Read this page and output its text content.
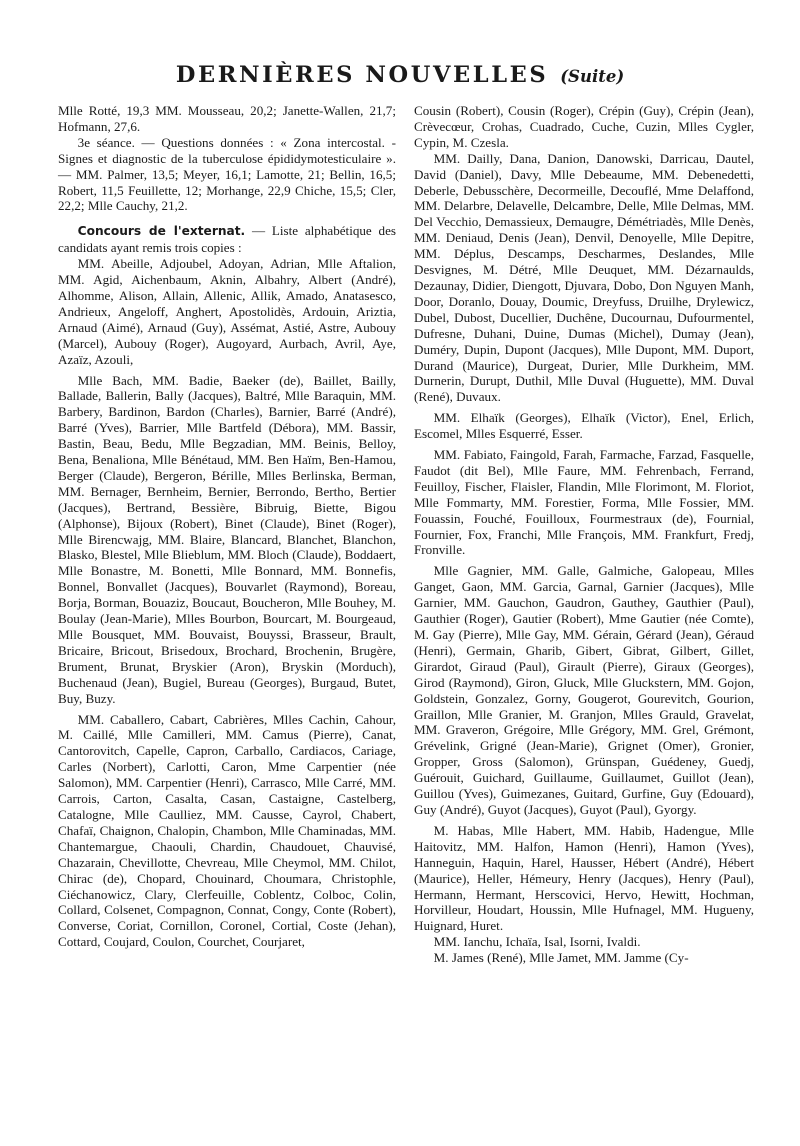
DERNIÈRES NOUVELLES (Suite)

Mlle Rotté, 19,3 MM. Mousseau, 20,2; Janette-Wallen, 21,7; Hofmann, 27,6.

3e séance. — Questions données : « Zona intercostal. - Signes et diagnostic de la tuberculose épididymotesticulaire ». — MM. Palmer, 13,5; Meyer, 16,1; Lamotte, 21; Bellin, 16,5; Robert, 11,5 Feuillette, 12; Morhange, 22,9 Chiche, 15,5; Cler, 22,2; Mlle Cauchy, 21,2.

Concours de l'externat. — Liste alphabétique des candidats ayant remis trois copies :

MM. Abeille, Adjoubel, Adoyan, Adrian, Mlle Aftalion, MM. Agid, Aichenbaum, Aknin, Albahry, Albert (André), Alhomme, Alison, Allain, Allenic, Allik, Amado, Anatasesco, Andrieux, Angeloff, Anghert, Apostolidès, Ardouin, Ariztia, Arnaud (Aimé), Arnaud (Guy), Assémat, Astié, Astre, Aubouy (Marcel), Aubouy (Roger), Augoyard, Aurbach, Avril, Aye, Azaïz, Azouli,

Mlle Bach, MM. Badie, Baeker (de), Baillet, Bailly, Ballade, Ballerin, Bally (Jacques), Baltré, Mlle Baraquin, MM. Barbery, Bardinon, Bardon (Charles), Barnier, Barré (André), Barré (Yves), Barrier, Mlle Bartfeld (Débora), MM. Bassir, Bastin, Beau, Bedu, Mlle Begzadian, MM. Beinis, Belloy, Bena, Benaliona, Mlle Bénétaud, MM. Ben Haïm, Ben-Hamou, Berger (Claude), Bergeron, Bérille, Mlles Berlinska, Berman, MM. Bernager, Bernheim, Bernier, Berrondo, Bertho, Bertier (Jacques), Bertrand, Bessière, Bibruig, Biette, Bigou (Alphonse), Bijoux (Robert), Binet (Claude), Binet (Roger), Mlle Birencwajg, MM. Blaire, Blancard, Blanchet, Blanchon, Blasko, Blestel, Mlle Blieblum, MM. Bloch (Claude), Boddaert, Mlle Bonastre, M. Bonetti, Mlle Bonnard, MM. Bonnefis, Bonnel, Bonvallet (Jacques), Bouvarlet (Raymond), Boreau, Borja, Borman, Bouaziz, Boucaut, Boucheron, Mlle Bouhey, M. Boulay (Jean-Marie), Mlles Bourbon, Bourcart, M. Bourgeaud, Mlle Bousquet, MM. Bouvaist, Bouyssi, Brasseur, Brault, Bricaire, Bricout, Brisedoux, Brochard, Brochenin, Brugère, Brument, Brunat, Bryskier (Aron), Bryskin (Morduch), Buchenaud (Jean), Bugiel, Bureau (Georges), Burgaud, Butet, Buy, Buzy.

MM. Caballero, Cabart, Cabrières, Mlles Cachin, Cahour, M. Caillé, Mlle Camilleri, MM. Camus (Pierre), Canat, Cantorovitch, Capelle, Capron, Carballo, Cardiacos, Cariage, Carles (Norbert), Carlotti, Caron, Mme Carpentier (née Salomon), MM. Carpentier (Henri), Carrasco, Mlle Carré, MM. Carrois, Carton, Casalta, Casan, Castaigne, Castelberg, Catalogne, Mlle Caulliez, MM. Causse, Cayrol, Chabert, Chafaï, Chaignon, Chalopin, Chambon, Mlle Chaminadas, MM. Chantemargue, Chaouli, Chardin, Chaudouet, Chauvisé, Chazarain, Chevillotte, Chevreau, Mlle Cheymol, MM. Chilot, Chirac (de), Chopard, Chouinard, Choumara, Christophle, Ciéchanowicz, Clary, Clerfeuille, Coblentz, Colboc, Colin, Collard, Colsenet, Compagnon, Connat, Congy, Conte (Robert), Converse, Coriat, Cornillon, Coronel, Cortial, Coste (Jehan), Cottard, Coujard, Coulon, Courchet, Courjaret,

Cousin (Robert), Cousin (Roger), Crépin (Guy), Crépin (Jean), Crèvecœur, Crohas, Cuadrado, Cuche, Cuzin, Mlles Cygler, Cypin, M. Czesla.

MM. Dailly, Dana, Danion, Danowski, Darricau, Dautel, David (Daniel), Davy, Mlle Debeaume, MM. Debenedetti, Deberle, Debusschère, Decormeille, Decouflé, Mme Delaffond, MM. Delarbre, Delavelle, Delcambre, Delle, Mlle Delmas, MM. Del Vecchio, Demassieux, Demaugre, Démétriadès, Mlle Denès, MM. Deniaud, Denis (Jean), Denvil, Denoyelle, Mlle Depitre, MM. Déplus, Descamps, Descharmes, Deslandes, Mlle Desvignes, M. Détré, Mlle Deuquet, MM. Dézarnaulds, Dezaunay, Didier, Diengott, Djuvara, Dobo, Don Nguyen Manh, Door, Doranlo, Douay, Doumic, Dreyfuss, Druilhe, Drylewicz, Dubel, Dubost, Ducellier, Duchêne, Ducournau, Dufourmentel, Dufresne, Duhani, Duine, Dumas (Michel), Dumay (Jean), Duméry, Dupin, Dupont (Jacques), Mlle Dupont, MM. Duport, Durand (Maurice), Durgeat, Durier, Mlle Durkheim, MM. Durnerin, Durupt, Duthil, Mlle Duval (Huguette), MM. Duval (René), Duvaux.

MM. Elhaïk (Georges), Elhaïk (Victor), Enel, Erlich, Escomel, Mlles Esquerré, Esser.

MM. Fabiato, Faingold, Farah, Farmache, Farzad, Fasquelle, Faudot (dit Bel), Mlle Faure, MM. Fehrenbach, Ferrand, Feuilloy, Fischer, Flaisler, Flandin, Mlle Florimont, M. Floriot, Mlle Fommarty, MM. Forestier, Forma, Mlle Fossier, MM. Fouassin, Fouché, Fouilloux, Fourmestraux (de), Fournial, Fournier, Fox, Franchi, Mlle François, MM. Frankfurt, Fredj, Fronville.

Mlle Gagnier, MM. Galle, Galmiche, Galopeau, Mlles Ganget, Gaon, MM. Garcia, Garnal, Garnier (Jacques), Mlle Garnier, MM. Gauchon, Gaudron, Gauthey, Gauthier (Paul), Gauthier (Roger), Gautier (Robert), Mme Gautier (née Comte), M. Gay (Pierre), Mlle Gay, MM. Gérain, Gérard (Jean), Géraud (Henri), Germain, Gharib, Gibert, Gibrat, Gilbert, Gillet, Girardot, Giraud (Paul), Girault (Pierre), Giraux (Georges), Girod (Raymond), Giron, Gluck, Mlle Gluckstern, MM. Gojon, Goldstein, Gonzalez, Gorny, Gougerot, Gourevitch, Gourion, Graillon, Mlle Granier, M. Granjon, Mlles Grauld, Gravelat, MM. Graveron, Grégoire, Mlle Grégory, MM. Grel, Grémont, Grévelink, Grigné (Jean-Marie), Grignet (Omer), Gronier, Gropper, Gross (Salomon), Grünspan, Guédeney, Guedj, Guérouit, Guichard, Guillaume, Guillaumet, Guillot (Jean), Guillou (Yves), Guimezanes, Guitard, Gurfine, Guy (Edouard), Guy (André), Guyot (Jacques), Guyot (Paul), Gyorgy.

M. Habas, Mlle Habert, MM. Habib, Hadengue, Mlle Haitovitz, MM. Halfon, Hamon (Henri), Hamon (Yves), Hanneguin, Haquin, Harel, Hausser, Hébert (André), Hébert (Maurice), Heller, Hémeury, Henry (Jacques), Henry (Paul), Hermann, Hermant, Herscovici, Hervo, Hewitt, Hochman, Horvilleur, Houdart, Houssin, Mlle Hufnagel, MM. Hugueny, Huignard, Huret.

MM. Ianchu, Ichaïa, Isal, Isorni, Ivaldi.

M. James (René), Mlle Jamet, MM. Jamme (Cy-
